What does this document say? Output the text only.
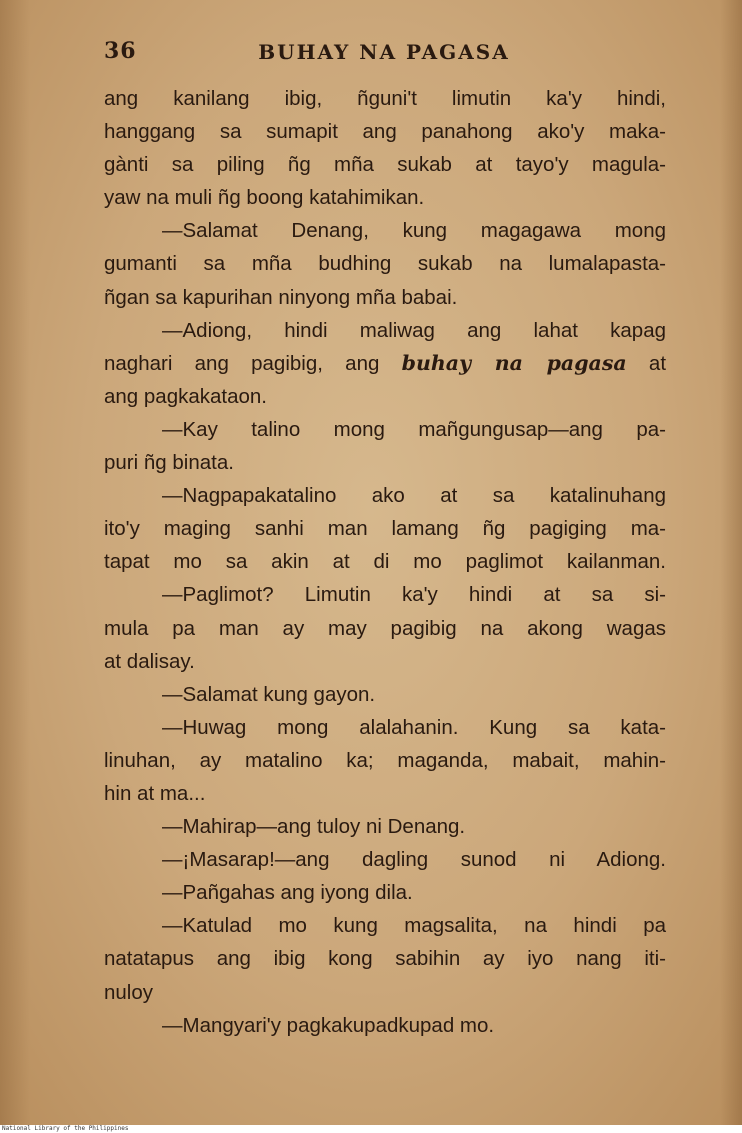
36	BUHAY NA PAGASA
ang kanilang ibig, ñguni't limutin ka'y hindi,
hanggang sa sumapit ang panahong ako'y maka-
gànti sa piling ñg mña sukab at tayo'y magula-
yaw na muli ñg boong katahimikan.
—Salamat Denang, kung magagawa mong
gumanti sa mña budhing sukab na lumalapasta-
ñgan sa kapurihan ninyong mña babai.
—Adiong, hindi maliwag ang lahat kapag
naghari ang pagibig, ang buhay na pagasa at
ang pagkakataon.
—Kay talino mong mañgungusap—ang pa-
puri ñg binata.
—Nagpapakatalino ako at sa katalinuhang
ito'y maging sanhi man lamang ñg pagiging ma-
tapat mo sa akin at di mo paglimot kailanman.
—Paglimot? Limutin ka'y hindi at sa si-
mula pa man ay may pagibig na akong wagas
at dalisay.
—Salamat kung gayon.
—Huwag mong alalahanin. Kung sa kata-
linuhan, ay matalino ka; maganda, mabait, mahin-
hin at ma...
—Mahirap—ang tuloy ni Denang.
—¡Masarap!—ang dagling sunod ni Adiong.
—Pañgahas ang iyong dila.
—Katulad mo kung magsalita, na hindi pa
natatapus ang ibig kong sabihin ay iyo nang iti-
nuloy
—Mangyari'y pagkakupadkupad mo.
National Library of the Philippines
